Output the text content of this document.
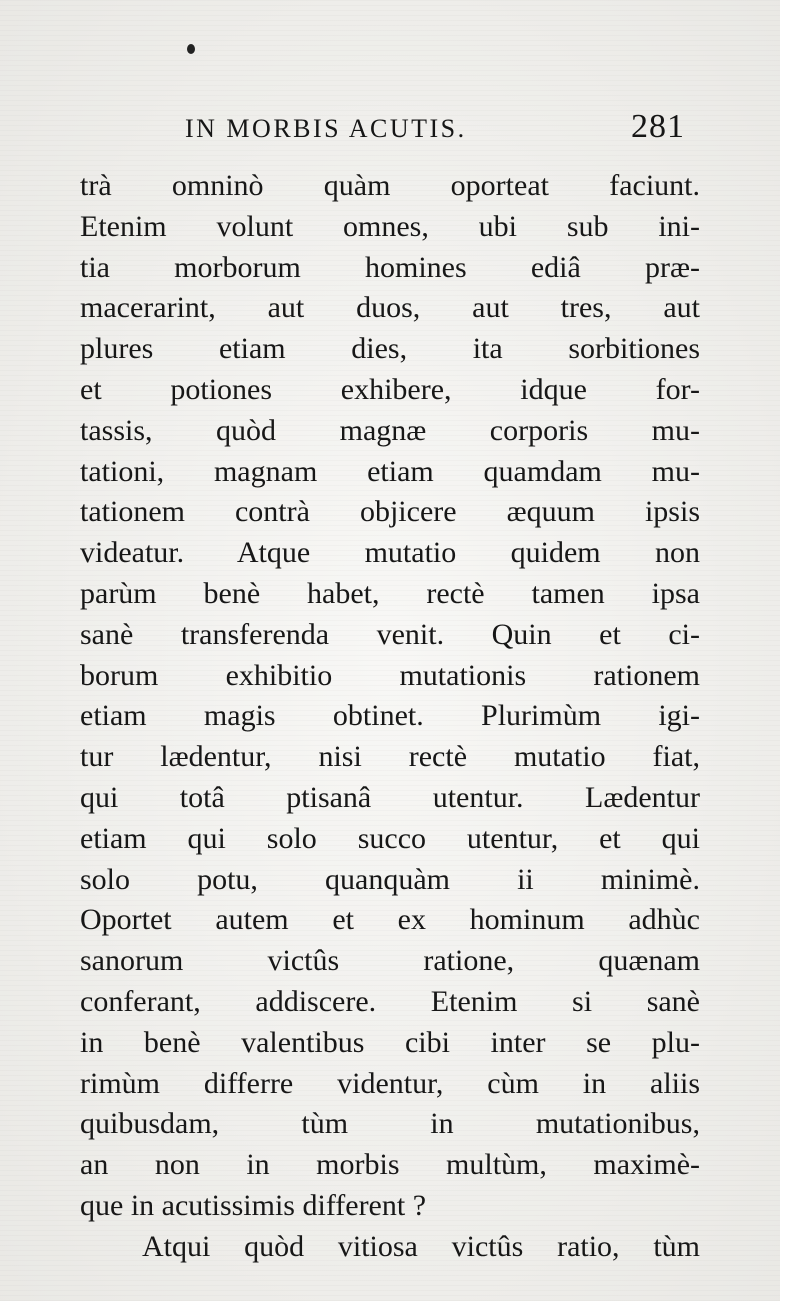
IN MORBIS ACUTIS.	281
trà omninò quàm oporteat faciunt.
Etenim volunt omnes, ubi sub ini-
tia morborum homines ediâ præ-
macerarint, aut duos, aut tres, aut
plures etiam dies, ita sorbitiones
et potiones exhibere, idque for-
tassis, quòd magnæ corporis mu-
tationi, magnam etiam quamdam mu-
tationem contrà objicere æquum ipsis
videatur. Atque mutatio quidem non
parùm benè habet, rectè tamen ipsa
sanè transferenda venit. Quin et ci-
borum exhibitio mutationis rationem
etiam magis obtinet. Plurimùm igi-
tur lædentur, nisi rectè mutatio fiat,
qui totâ ptisanâ utentur. Lædentur
etiam qui solo succo utentur, et qui
solo potu, quanquàm ii minimè.
Oportet autem et ex hominum adhùc
sanorum victûs ratione, quænam
conferant, addiscere. Etenim si sanè
in benè valentibus cibi inter se plu-
rimùm differre videntur, cùm in aliis
quibusdam, tùm in mutationibus,
an non in morbis multùm, maximè-
que in acutissimis different ?
Atqui quòd vitiosa victûs ratio, tùm
